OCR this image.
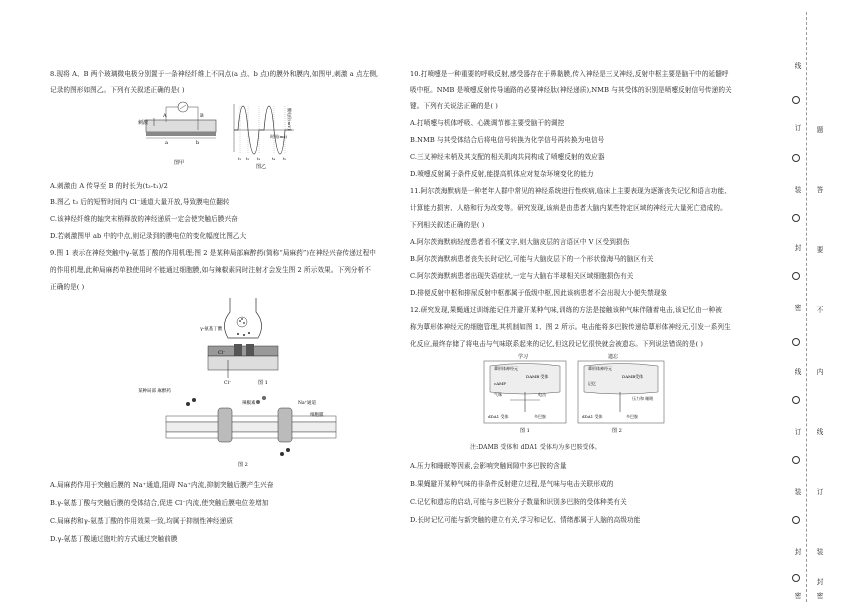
8.现将 A、B 两个玻璃微电极分别置于一条神经纤维上不同点(a 点、b 点)的膜外和膜内,如图甲,刺激 a 点左侧,
记录的图形如图乙。下列有关叙述正确的是( )
刺激
a	b
A	B
图甲
膜电位(mV)
时间(ms)
t₁ t₂ t₃	t₄ t₅
图乙
A.刺激由 A 传导至 B 的时长为(t₃-t₁)/2
B.图乙 t₃ 后的短暂时间内 Cl⁻通道大量开放,导致膜电位翻转
C.该神经纤维的轴突末梢释放的神经递质一定会使突触后膜兴奋
D.若刺激图甲 ab 中的中点,则记录到的膜电位的变化幅度比图乙大
9.图 1 表示在神经突触中γ-氨基丁酸的作用机理;图 2 是某种局部麻醉药(简称“局麻药”)在神经兴奋传递过程中
的作用机理,此种局麻药单独使用时不能通过细胞膜,如与辣椒素同时注射才会发生图 2 所示效果。下列分析不
正确的是( )
γ-氨基丁酸
Cl⁻
Cl⁻	图 1
某种局部 麻醉药
辣椒素	Na⁺通道
细胞膜
图 2
A.局麻药作用于突触后膜的 Na⁺通道,阻碍 Na⁺内流,抑制突触后膜产生兴奋
B.γ-氨基丁酸与突触后膜的受体结合,促进 Cl⁻内流,使突触后膜电位差增加
C.局麻药和γ-氨基丁酸的作用效果一致,均属于抑制性神经递质
D.γ-氨基丁酸通过胞吐的方式通过突触前膜
10.打喷嚏是一种重要的呼吸反射,感受器存在于鼻黏膜,传入神经是三叉神经,反射中枢主要是脑干中的延髓呼
吸中枢。NMB 是喷嚏反射传导通路的必要神经肽(神经递质),NMB 与其受体的识别是喷嚏反射信号传递的关
键。下列有关说法正确的是( )
A.打喷嚏与机体呼吸、心跳调节都主要受脑干的调控
B.NMB 与其受体结合后将电信号转换为化学信号再转换为电信号
C.三叉神经末梢及其支配的相关肌肉共同构成了喷嚏反射的效应器
D.喷嚏反射属于条件反射,能提高机体应对复杂环境变化的能力
11.阿尔茨海默病是一种老年人群中常见的神经系统进行性疾病,临床上主要表现为逐渐丧失记忆和语言功能、
计算能力损害、人格和行为改变等。研究发现,该病是由患者大脑内某些特定区域的神经元大量死亡造成的。
下列相关叙述正确的是( )
A.阿尔茨海默病轻度患者看不懂文字,则大脑皮层的言语区中 V 区受到损伤
B.阿尔茨海默病患者丧失长时记忆,可能与大脑皮层下的一个形状像海马的脑区有关
C.阿尔茨海默病患者出现失语症状,一定与大脑右半球相关区域细胞损伤有关
D.排便反射中枢和排尿反射中枢都属于低级中枢,因此该病患者不会出现大小便失禁现象
12.研究发现,果蝇通过训练能记住并避开某种气味,训练的方法是接触该种气味伴随着电击,该记忆由一种被
称为蕈形体神经元的细胞管理,其机制如图 1、图 2 所示。电击能将多巴胺传递给蕈形体神经元,引发一系列生
化反应,最终存储了将电击与气味联系起来的记忆,但这段记忆很快就会被遗忘。下列说法错误的是( )
学习	遗忘
蕈形体神经元
DAMB 受体
cAMP
气味	电击
dDA1 受体	多巴胺
蕈形体神经元
DAMB受体
记忆
压力和 睡眠
dDA1 受体	多巴胺
图 1	图 2
注:DAMB 受体和 dDA1 受体均为多巴胺受体。
A.压力和睡眠等因素,会影响突触间隙中多巴胺的含量
B.果蝇避开某种气味的非条件反射建立过程,是气味与电击关联形成的
C.记忆和遗忘的启动,可能与多巴胺分子数量和识别多巴胺的受体种类有关
D.长时记忆可能与新突触的建立有关,学习和记忆、情绪都属于人脑的高级功能
线
订
装
封
密
线
订
装
封
密
题
答
要
不
内
线
订
装
封
密
